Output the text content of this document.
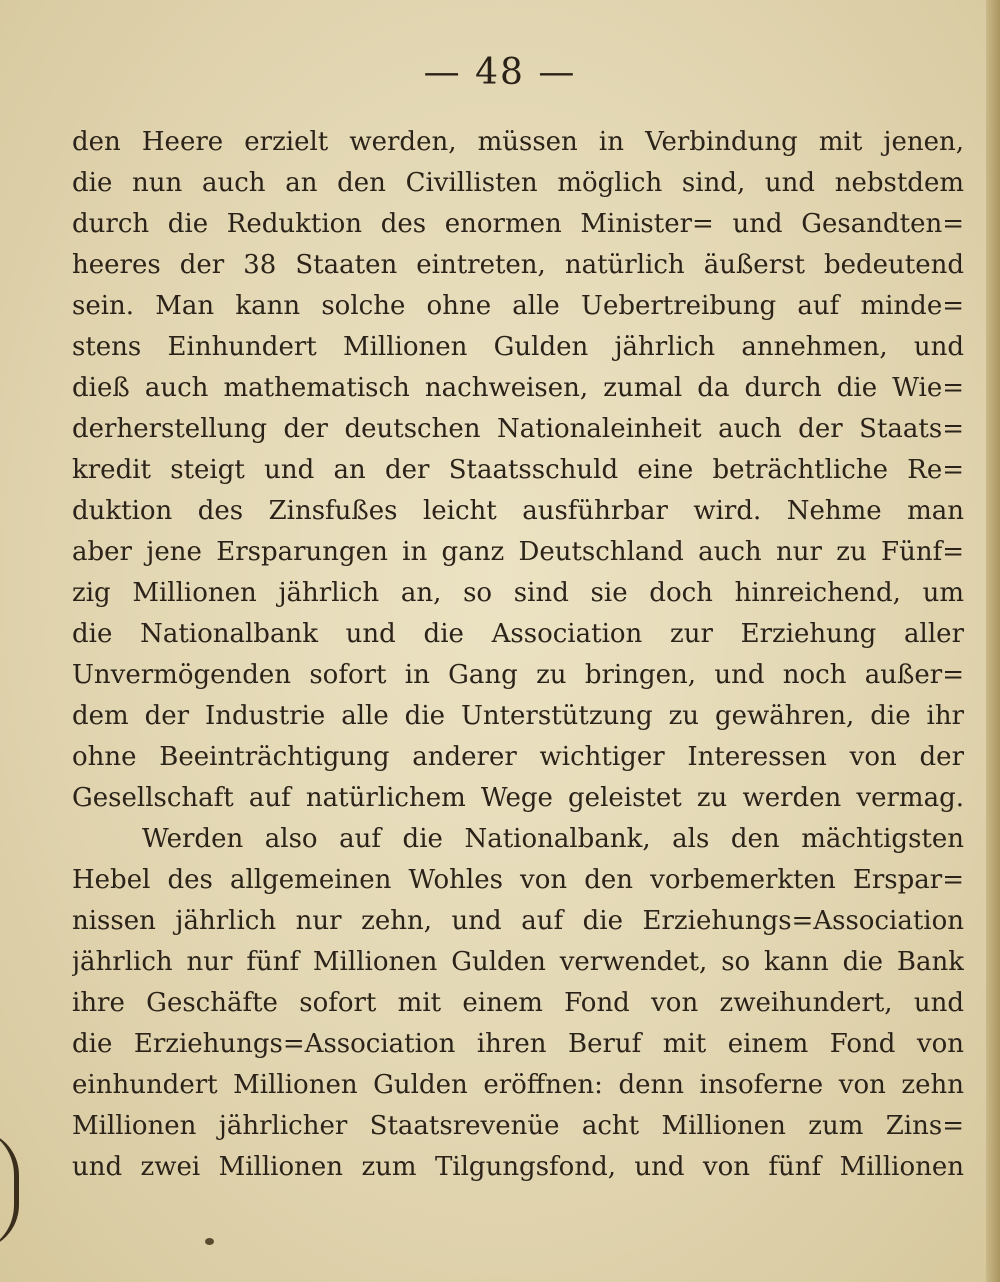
— 48 —
den Heere erzielt werden, müssen in Verbindung mit jenen,
die nun auch an den Civillisten möglich sind, und nebstdem
durch die Reduktion des enormen Minister= und Gesandten=
heeres der 38 Staaten eintreten, natürlich äußerst bedeutend
sein. Man kann solche ohne alle Uebertreibung auf minde=
stens Einhundert Millionen Gulden jährlich annehmen, und
dieß auch mathematisch nachweisen, zumal da durch die Wie=
derherstellung der deutschen Nationaleinheit auch der Staats=
kredit steigt und an der Staatsschuld eine beträchtliche Re=
duktion des Zinsfußes leicht ausführbar wird. Nehme man
aber jene Ersparungen in ganz Deutschland auch nur zu Fünf=
zig Millionen jährlich an, so sind sie doch hinreichend, um
die Nationalbank und die Association zur Erziehung aller
Unvermögenden sofort in Gang zu bringen, und noch außer=
dem der Industrie alle die Unterstützung zu gewähren, die ihr
ohne Beeinträchtigung anderer wichtiger Interessen von der
Gesellschaft auf natürlichem Wege geleistet zu werden vermag.
Werden also auf die Nationalbank, als den mächtigsten
Hebel des allgemeinen Wohles von den vorbemerkten Erspar=
nissen jährlich nur zehn, und auf die Erziehungs=Association
jährlich nur fünf Millionen Gulden verwendet, so kann die Bank
ihre Geschäfte sofort mit einem Fond von zweihundert, und
die Erziehungs=Association ihren Beruf mit einem Fond von
einhundert Millionen Gulden eröffnen: denn insoferne von zehn
Millionen jährlicher Staatsrevenüe acht Millionen zum Zins=
und zwei Millionen zum Tilgungsfond, und von fünf Millionen
